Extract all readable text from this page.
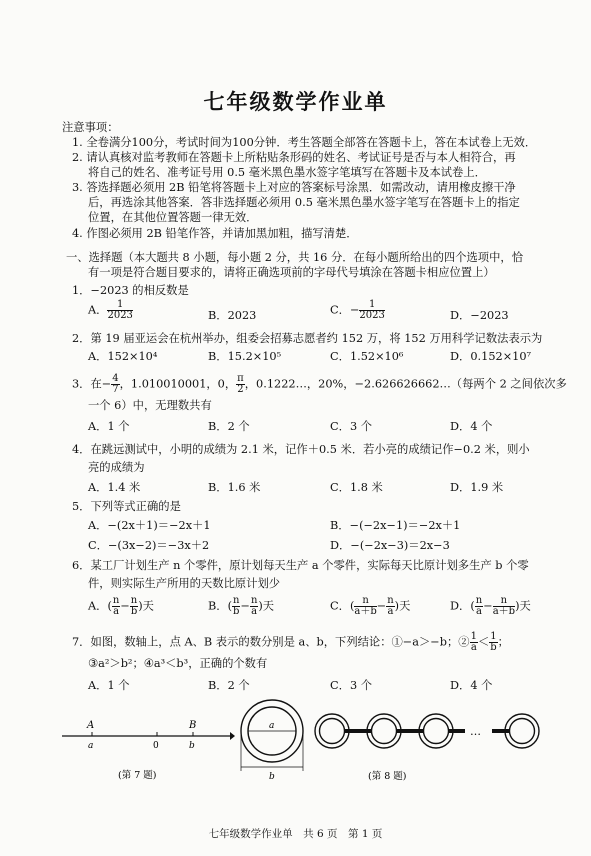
七年级数学作业单
注意事项：
1. 全卷满分100分，考试时间为100分钟．考生答题全部答在答题卡上，答在本试卷上无效．
2. 请认真核对监考教师在答题卡上所粘贴条形码的姓名、考试证号是否与本人相符合，再
将自己的姓名、准考证号用 0.5 毫米黑色墨水签字笔填写在答题卡及本试卷上．
3. 答选择题必须用 2B 铅笔将答题卡上对应的答案标号涂黑．如需改动，请用橡皮擦干净
后，再选涂其他答案．答非选择题必须用 0.5 毫米黑色墨水签字笔写在答题卡上的指定
位置，在其他位置答题一律无效．
4. 作图必须用 2B 铅笔作答，并请加黑加粗，描写清楚．
一、选择题（本大题共 8 小题，每小题 2 分，共 16 分．在每小题所给出的四个选项中，恰
有一项是符合题目要求的，请将正确选项前的字母代号填涂在答题卡相应位置上）
1．−2023 的相反数是
A． $\frac{1}{2023}$	B．2023	C．− $\frac{1}{2023}$	D．−2023
2．第 19 届亚运会在杭州举办，组委会招募志愿者约 152 万，将 152 万用科学记数法表示为
A．152×10⁴	B．15.2×10⁵	C．1.52×10⁶	D．0.152×10⁷
3．在− $\frac{4}{7}$ ，1.010010001，0， $\frac{\pi}{2}$ ，0.1222…，20%，−2.626626662…（每两个 2 之间依次多
一个 6）中，无理数共有
A．1 个	B．2 个	C．3 个	D．4 个
4．在跳远测试中，小明的成绩为 2.1 米，记作＋0.5 米．若小亮的成绩记作−0.2 米，则小
亮的成绩为
A．1.4 米	B．1.6 米	C．1.8 米	D．1.9 米
5．下列等式正确的是
A．−(2x＋1)＝−2x＋1	B．−(−2x−1)＝−2x＋1
C．−(3x−2)＝−3x＋2	D．−(−2x−3)＝2x−3
6．某工厂计划生产 n 个零件，原计划每天生产 a 个零件，实际每天比原计划多生产 b 个零
件，则实际生产所用的天数比原计划少
A．( $\frac{n}{a} - \frac{n}{b}$ )天	B．( $\frac{n}{b} - \frac{n}{a}$ )天	C．( $\frac{n}{a+b} - \frac{n}{a}$ )天	D．( $\frac{n}{a} - \frac{n}{a+b}$ )天
7．如图，数轴上，点 A、B 表示的数分别是 a、b，下列结论：①−a＞−b；② $\frac{1}{a} < \frac{1}{b}$ ；
③a²＞b²；④a³＜b³，正确的个数有
A．1 个	B．2 个	C．3 个	D．4 个
A	B
a	0	b
(第 7 题)
a
b
…
(第 8 题)
七年级数学作业单　共 6 页　第 1 页
